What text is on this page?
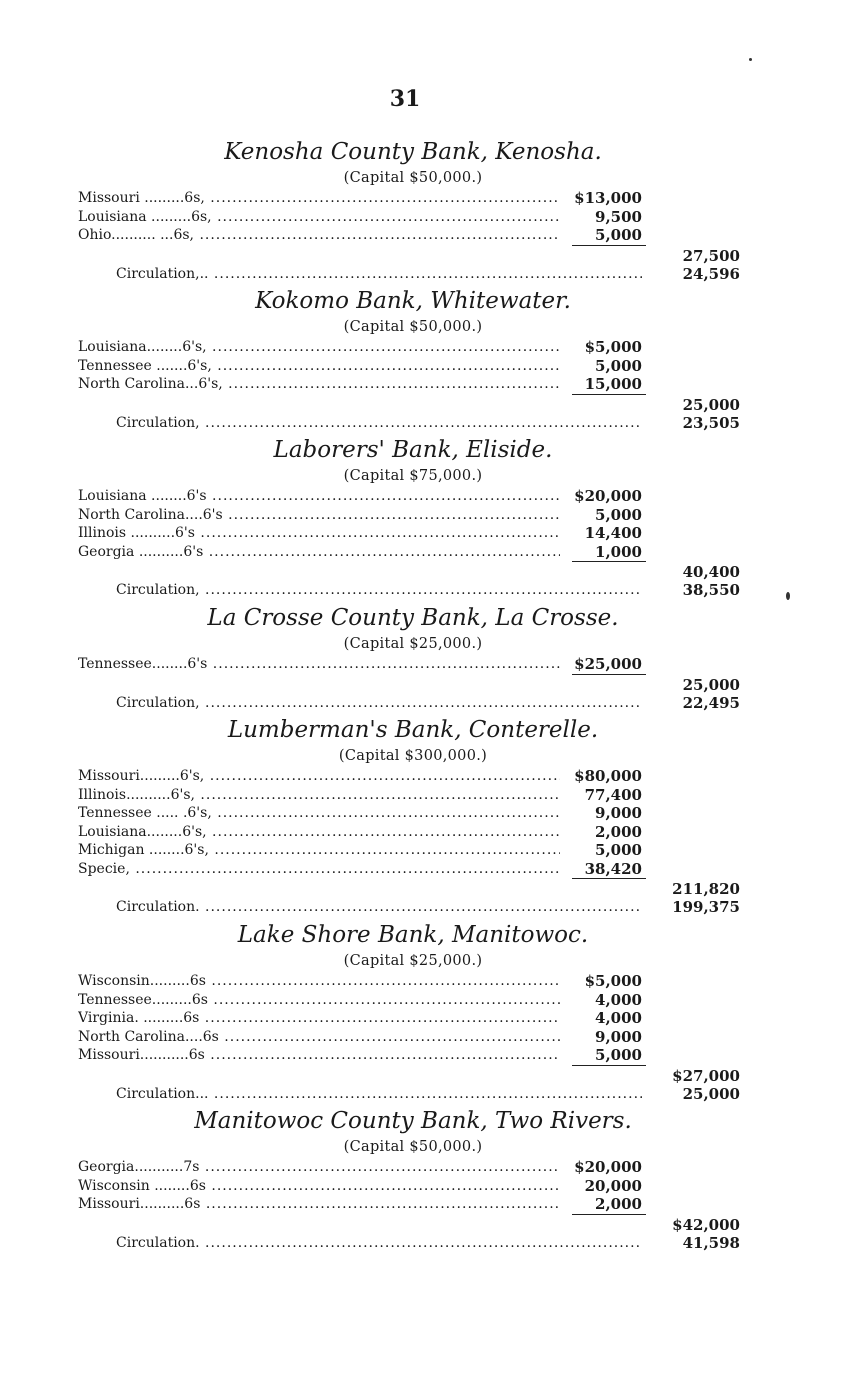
31
Kenosha County Bank, Kenosha.
(Capital $50,000.)
Missouri .........6s, .....	$13,000
Louisiana .........6s, .....	9,500
Ohio.......... ...6s, .....	5,000
27,500
Circulation,.. .....	24,596
Kokomo Bank, Whitewater.
(Capital $50,000.)
Louisiana........6's, .....	$5,000
Tennessee .......6's, .....	5,000
North Carolina...6's, .....	15,000
25,000
Circulation, .....	23,505
Laborers' Bank, Eliside.
(Capital $75,000.)
Louisiana ........6's .....	$20,000
North Carolina....6's .....	5,000
Illinois ..........6's .....	14,400
Georgia ..........6's .....	1,000
40,400
Circulation, .....	38,550
La Crosse County Bank, La Crosse.
(Capital $25,000.)
Tennessee........6's .....	$25,000
25,000
Circulation, .....	22,495
Lumberman's Bank, Conterelle.
(Capital $300,000.)
Missouri.........6's, .....	$80,000
Illinois..........6's, .....	77,400
Tennessee ..... .6's, .....	9,000
Louisiana........6's, .....	2,000
Michigan ........6's, .....	5,000
Specie, .....	38,420
211,820
Circulation. .....	199,375
Lake Shore Bank, Manitowoc.
(Capital $25,000.)
Wisconsin.........6s .....	$5,000
Tennessee.........6s .....	4,000
Virginia. .........6s .....	4,000
North Carolina....6s .....	9,000
Missouri...........6s .....	5,000
$27,000
Circulation... .....	25,000
Manitowoc County Bank, Two Rivers.
(Capital $50,000.)
Georgia...........7s .....	$20,000
Wisconsin ........6s .....	20,000
Missouri..........6s .....	2,000
$42,000
Circulation. .....	41,598
